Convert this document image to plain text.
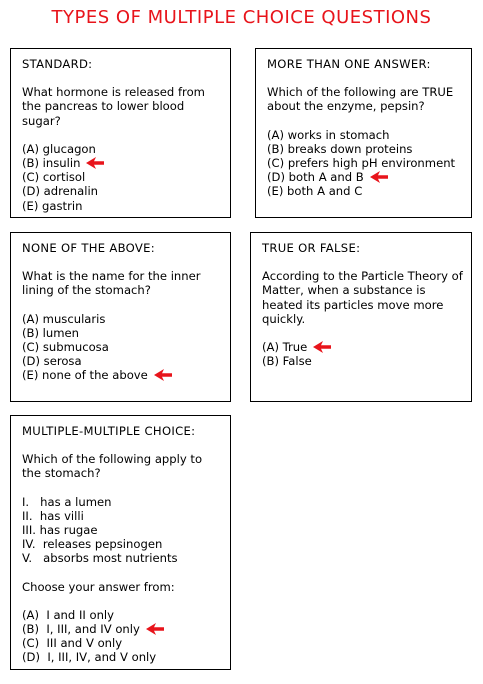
TYPES OF MULTIPLE CHOICE QUESTIONS
STANDARD:
What hormone is released from the pancreas to lower blood sugar?
(A) glucagon
(B) insulin
(C) cortisol
(D) adrenalin
(E) gastrin
MORE THAN ONE ANSWER:
Which of the following are TRUE about the enzyme, pepsin?
(A) works in stomach
(B) breaks down proteins
(C) prefers high pH environment
(D) both A and B
(E) both A and C
NONE OF THE ABOVE:
What is the name for the inner lining of the stomach?
(A) muscularis
(B) lumen
(C) submucosa
(D) serosa
(E) none of the above
TRUE OR FALSE:
According to the Particle Theory of Matter, when a substance is heated its particles move more quickly.
(A) True
(B) False
MULTIPLE-MULTIPLE CHOICE:
Which of the following apply to the stomach?
I.   has a lumen
II.  has villi
III. has rugae
IV.  releases pepsinogen
V.   absorbs most nutrients
Choose your answer from:
(A)  I and II only
(B)  I, III, and IV only
(C)  III and V only
(D)  I, III, IV, and V only
